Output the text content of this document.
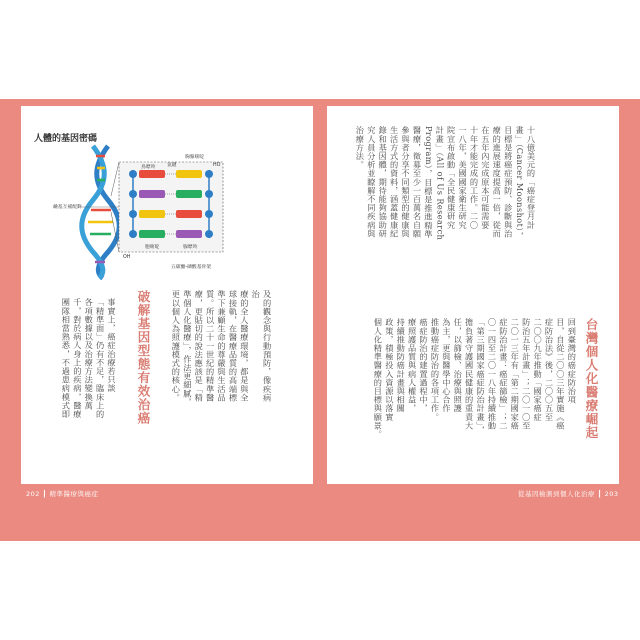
202 ┃ 精準醫療與癌症	從基因檢測到個人化治療 ┃ 203
人體的基因密碼
鹼基互補配對
鳥嘌呤
胸腺嘧啶
氫鍵
胞嘧啶	腺嘌呤
OH
HO
五碳醣-磷酸基骨架
十八億美元的「癌症登月計
畫」（Cancer Moonshot），
目標是將癌症預防、診斷與治
療的進展速度提高一倍，從而
在五年內完成原本可能需要
十年才能完成的工作。二〇
一八年，美國國家衛生研究
院宣布啟動「全民健康研究
計畫」（All of Us Research
Program），目標是推進精準
醫療，徵募至少一百萬名自願
參與者分享不同類型的健康與
生活方式的資料，涵蓋健康紀
錄和基因體，期待能夠協助研
究人員分析並瞭解不同疾病與
治療方法。
台灣個人化醫療崛起
回到臺灣的癌症防治項
目，自從二〇〇三年實施《癌
症防治法》後，二〇〇五至
二〇〇九年推動「國家癌症
防治五年計畫」；二〇一〇至
二〇一三年有「第二期國家癌
症防治計畫：癌症篩檢」；二
〇一四至二〇一八年持續推動
「第三期國家癌症防治計畫」，
擔負著守護國民健康的重責大
任，以篩檢、治療與照護
為主，更與醫學中心合作
推動癌症防治的各項工作。
癌症防治的建置過程中，
療照護品質與病人權益，
持續推動防癌計畫與相關
政策，積極投入資源以落實
個人化精準醫療的目標與願景。
及的觀念與行動預防，像疾病治
療的全人醫療環境，都是與全
球接軌，在醫療品質的高端標
準下兼顧生命的尊嚴與生活品
質。所以二十一世紀的精準醫
療，更貼切的說法應該是「精
準個人化醫療」，作法更細膩，
更以個人為照護模式的核心。
破解基因型態有效治癌
事實上，癌症治療若只談
「精準面」仍有不足，臨床上的
各項數據以及治療方法變換萬
千，對於病人身上的疾病，醫療
團隊相當熟悉，不過患病模式即
